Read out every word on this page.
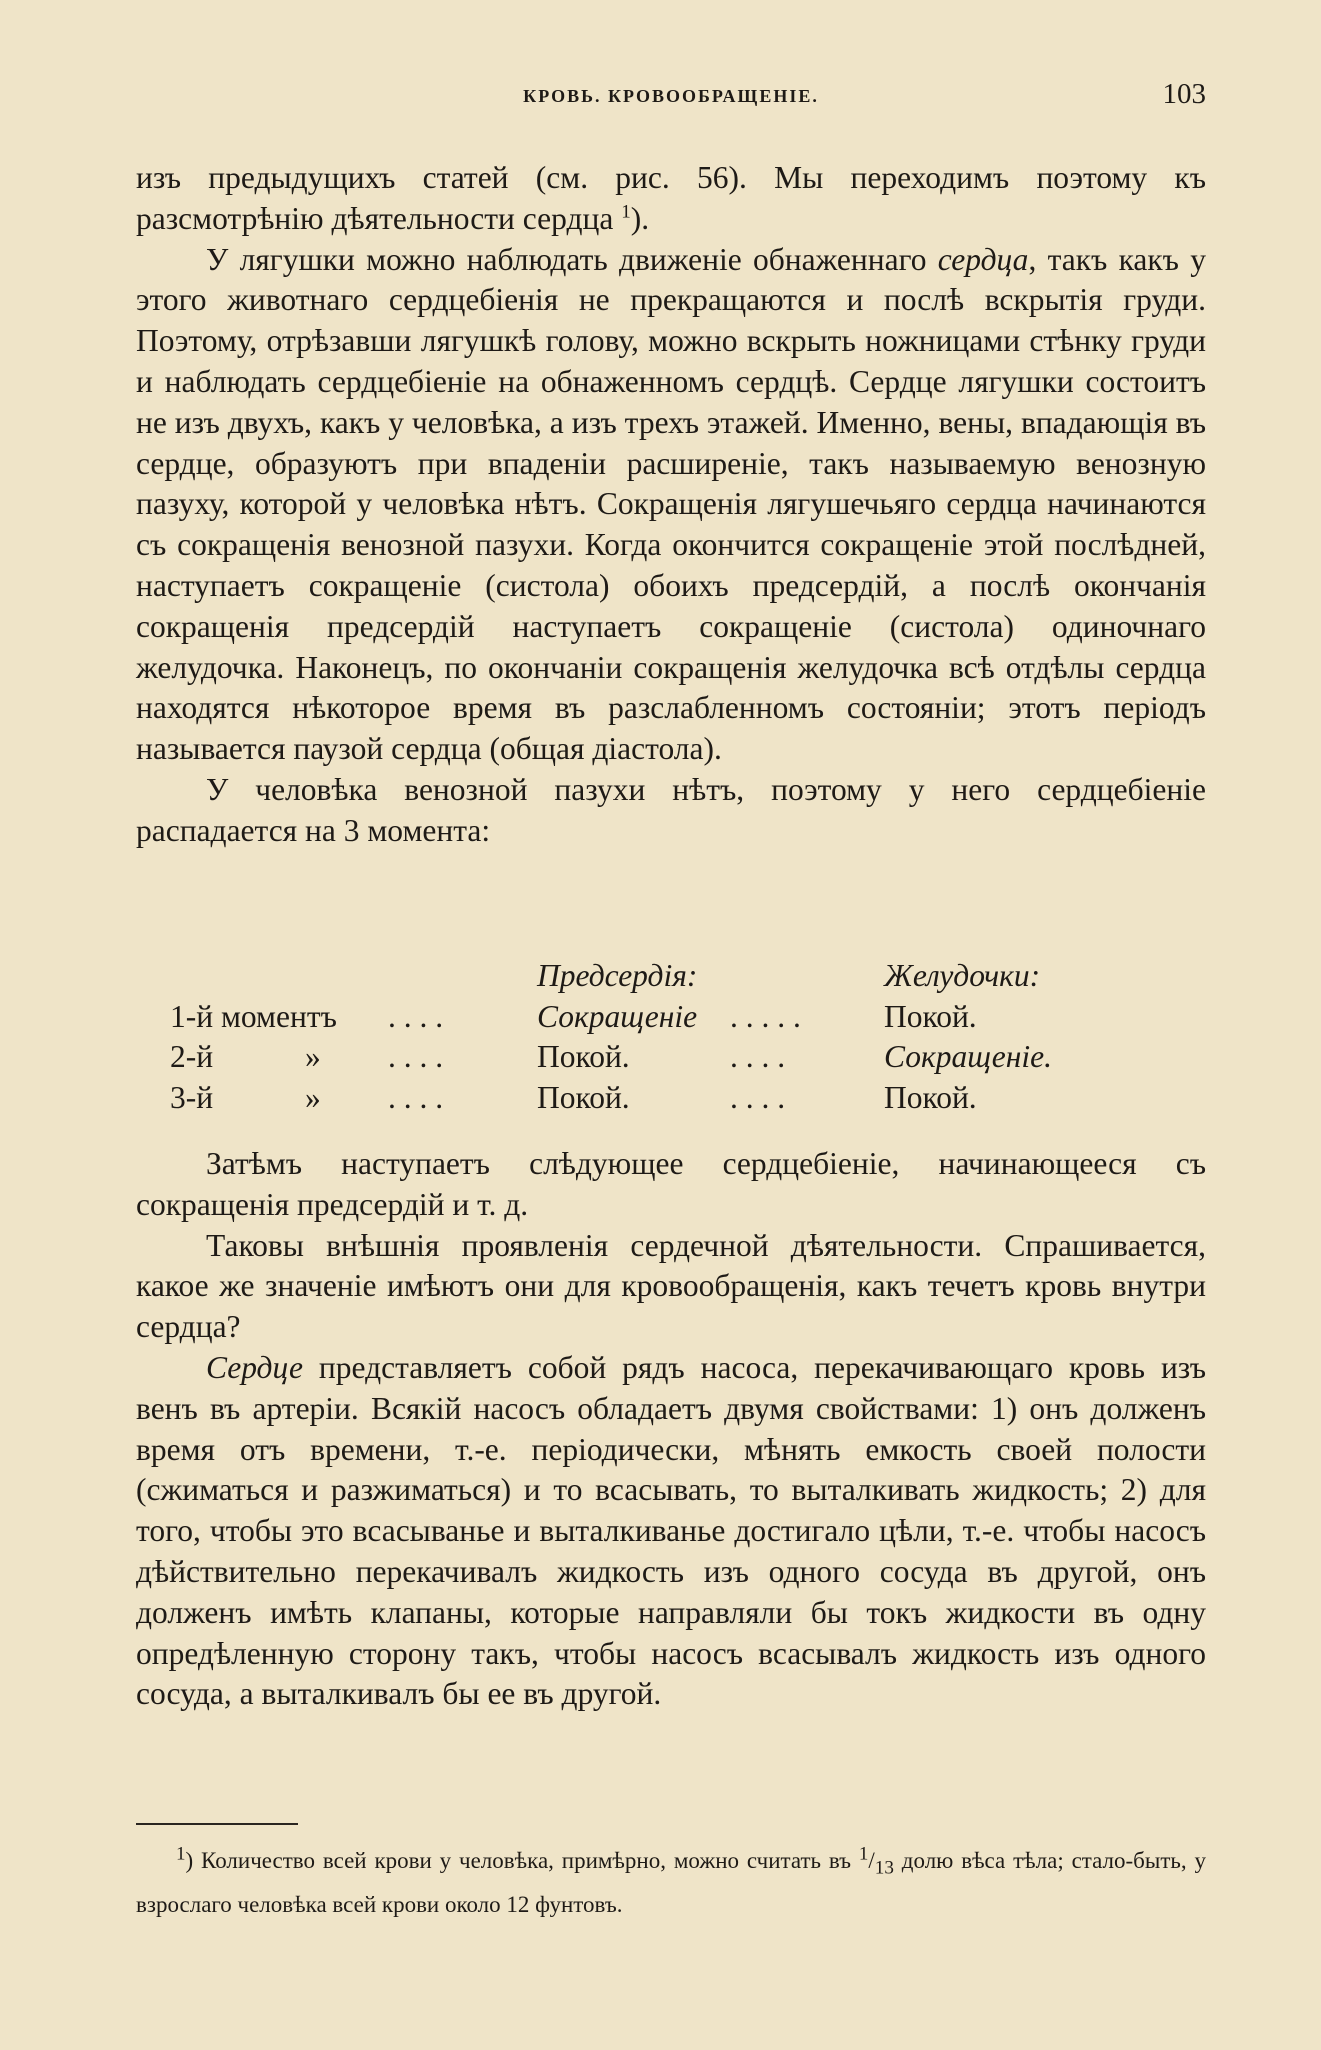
КРОВЬ. КРОВООБРАЩЕНІЕ.	103

изъ предыдущихъ статей (см. рис. 56). Мы переходимъ поэтому къ разсмотрѣнію дѣятельности сердца $^1$).

У лягушки можно наблюдать движеніе обнаженнаго сердца, такъ какъ у этого животнаго сердцебіенія не прекращаются и послѣ вскрытія груди. Поэтому, отрѣзавши лягушкѣ голову, можно вскрыть ножницами стѣнку груди и наблюдать сердцебіеніе на обнаженномъ сердцѣ. Сердце лягушки состоитъ не изъ двухъ, какъ у человѣка, а изъ трехъ этажей. Именно, вены, впадающія въ сердце, образуютъ при впаденіи расширеніе, такъ называемую венозную пазуху, которой у человѣка нѣтъ. Сокращенія лягушечьяго сердца начинаются съ сокращенія венозной пазухи. Когда окончится сокращеніе этой послѣдней, наступаетъ сокращеніе (систола) обоихъ предсердій, а послѣ окончанія сокращенія предсердій наступаетъ сокращеніе (систола) одиночнаго желудочка. Наконецъ, по окончаніи сокращенія желудочка всѣ отдѣлы сердца находятся нѣкоторое время въ разслабленномъ состояніи; этотъ періодъ называется паузой сердца (общая діастола).

У человѣка венозной пазухи нѣтъ, поэтому у него сердцебіеніе распадается на 3 момента:

Предсердія:	Желудочки:
1-й моментъ . . . .	Сокращеніе . . . . .	Покой.
2-й	» . . . .	Покой.	. . . .	Сокращеніе.
3-й	» . . . .	Покой.	. . . .	Покой.

Затѣмъ наступаетъ слѣдующее сердцебіеніе, начинающееся съ сокращенія предсердій и т. д.

Таковы внѣшнія проявленія сердечной дѣятельности. Спрашивается, какое же значеніе имѣютъ они для кровообращенія, какъ течетъ кровь внутри сердца?

Сердце представляетъ собой рядъ насоса, перекачивающаго кровь изъ венъ въ артеріи. Всякій насосъ обладаетъ двумя свойствами: 1) онъ долженъ время отъ времени, т.-е. періодически, мѣнять емкость своей полости (сжиматься и разжиматься) и то всасывать, то выталкивать жидкость; 2) для того, чтобы это всасыванье и выталкиванье достигало цѣли, т.-е. чтобы насосъ дѣйствительно перекачивалъ жидкость изъ одного сосуда въ другой, онъ долженъ имѣть клапаны, которые направляли бы токъ жидкости въ одну опредѣленную сторону такъ, чтобы насосъ всасывалъ жидкость изъ одного сосуда, а выталкивалъ бы ее въ другой.

$^1$) Количество всей крови у человѣка, примѣрно, можно считать въ $^1/_{13}$ долю вѣса тѣла; стало-быть, у взрослаго человѣка всей крови около 12 фунтовъ.
